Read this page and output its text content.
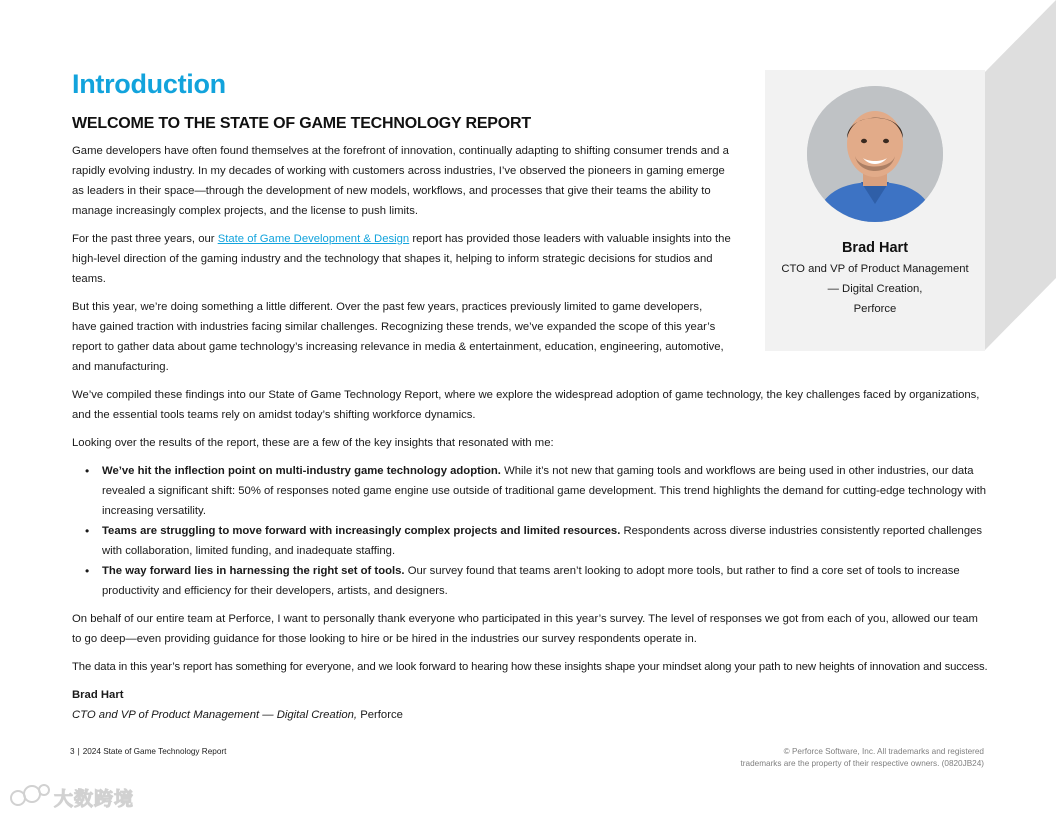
Introduction
WELCOME TO THE STATE OF GAME TECHNOLOGY REPORT

Game developers have often found themselves at the forefront of innovation, continually adapting to shifting consumer trends and a rapidly evolving industry. In my decades of working with customers across industries, I’ve observed the pioneers in gaming emerge as leaders in their space—through the development of new models, workflows, and processes that give their teams the ability to manage increasingly complex projects, and the license to push limits.

For the past three years, our State of Game Development & Design report has provided those leaders with valuable insights into the high-level direction of the gaming industry and the technology that shapes it, helping to inform strategic decisions for studios and teams.

But this year, we’re doing something a little different. Over the past few years, practices previously limited to game developers, have gained traction with industries facing similar challenges. Recognizing these trends, we’ve expanded the scope of this year’s report to gather data about game technology’s increasing relevance in media & entertainment, education, engineering, automotive, and manufacturing.

We’ve compiled these findings into our State of Game Technology Report, where we explore the widespread adoption of game technology, the key challenges faced by organizations, and the essential tools teams rely on amidst today’s shifting workforce dynamics.

Looking over the results of the report, these are a few of the key insights that resonated with me:

• We’ve hit the inflection point on multi-industry game technology adoption. While it’s not new that gaming tools and workflows are being used in other industries, our data revealed a significant shift: 50% of responses noted game engine use outside of traditional game development. This trend highlights the demand for cutting-edge technology with increasing versatility.
• Teams are struggling to move forward with increasingly complex projects and limited resources. Respondents across diverse industries consistently reported challenges with collaboration, limited funding, and inadequate staffing.
• The way forward lies in harnessing the right set of tools. Our survey found that teams aren’t looking to adopt more tools, but rather to find a core set of tools to increase productivity and efficiency for their developers, artists, and designers.

On behalf of our entire team at Perforce, I want to personally thank everyone who participated in this year’s survey. The level of responses we got from each of you, allowed our team to go deep—even providing guidance for those looking to hire or be hired in the industries our survey respondents operate in.

The data in this year’s report has something for everyone, and we look forward to hearing how these insights shape your mindset along your path to new heights of innovation and success.

Brad Hart

CTO and VP of Product Management — Digital Creation, Perforce

Brad Hart

CTO and VP of Product Management
— Digital Creation,
Perforce

3 | 2024 State of Game Technology Report	© Perforce Software, Inc. All trademarks and registered
trademarks are the property of their respective owners. (0820JB24)
大数跨境
